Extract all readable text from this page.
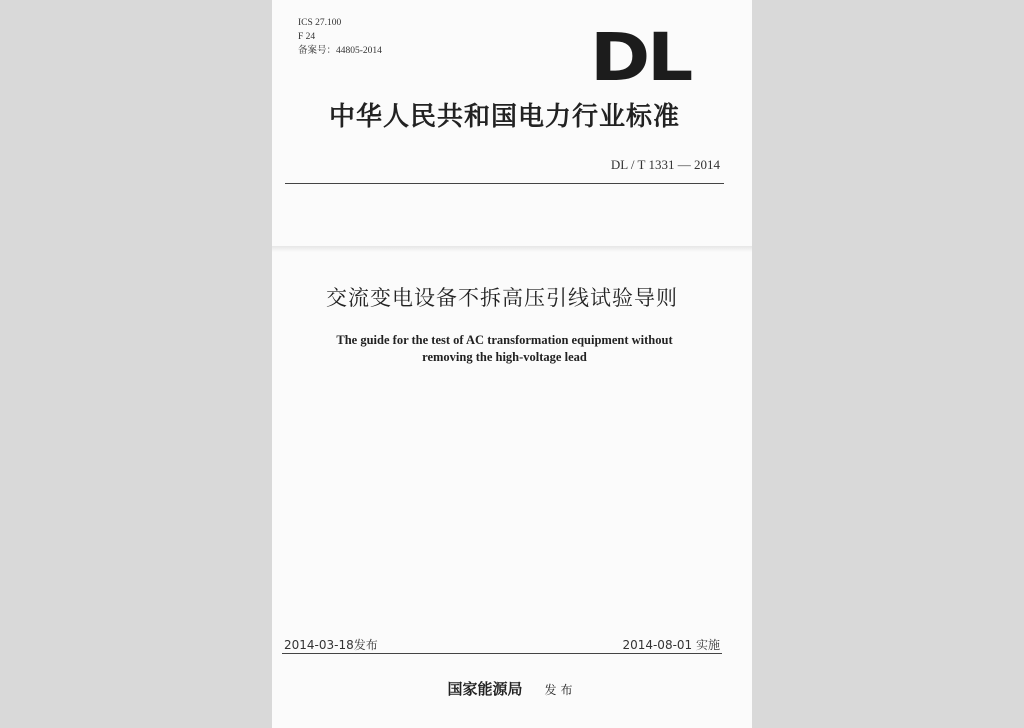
ICS 27.100
F 24
备案号：44805-2014	DL
中华人民共和国电力行业标准
DL / T 1331 — 2014
交流变电设备不拆高压引线试验导则
The guide for the test of AC transformation equipment without
removing the high-voltage lead
2014-03-18发布	2014-08-01 实施
国家能源局 发布
